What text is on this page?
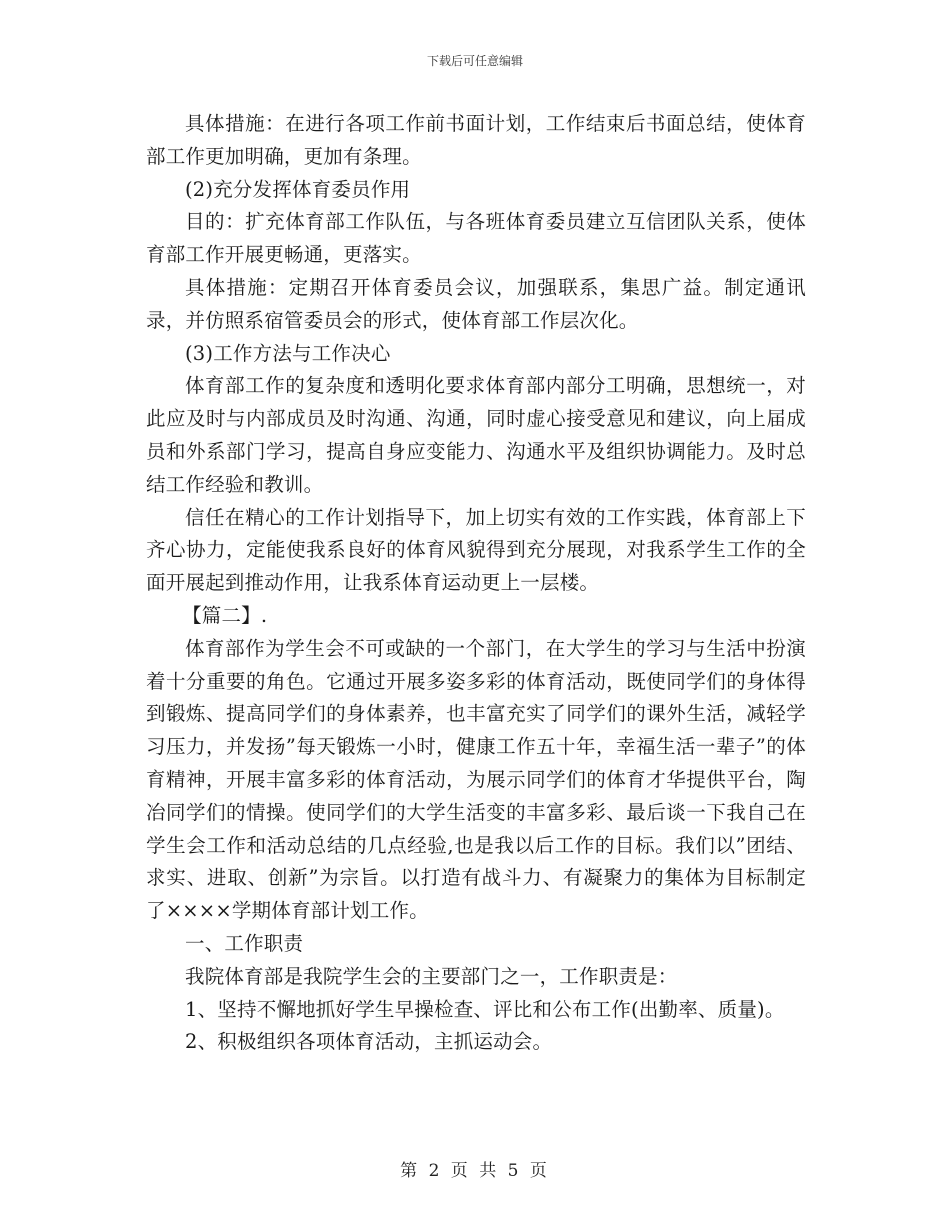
下载后可任意编辑

具体措施：在进行各项工作前书面计划，工作结束后书面总结，使体育部工作更加明确，更加有条理。

(2)充分发挥体育委员作用

目的：扩充体育部工作队伍，与各班体育委员建立互信团队关系，使体育部工作开展更畅通，更落实。

具体措施：定期召开体育委员会议，加强联系，集思广益。制定通讯录，并仿照系宿管委员会的形式，使体育部工作层次化。

(3)工作方法与工作决心

体育部工作的复杂度和透明化要求体育部内部分工明确，思想统一，对此应及时与内部成员及时沟通、沟通，同时虚心接受意见和建议，向上届成员和外系部门学习，提高自身应变能力、沟通水平及组织协调能力。及时总结工作经验和教训。

信任在精心的工作计划指导下，加上切实有效的工作实践，体育部上下齐心协力，定能使我系良好的体育风貌得到充分展现，对我系学生工作的全面开展起到推动作用，让我系体育运动更上一层楼。

【篇二】.

体育部作为学生会不可或缺的一个部门，在大学生的学习与生活中扮演着十分重要的角色。它通过开展多姿多彩的体育活动，既使同学们的身体得到锻炼、提高同学们的身体素养，也丰富充实了同学们的课外生活，减轻学习压力，并发扬”每天锻炼一小时，健康工作五十年，幸福生活一辈子”的体育精神，开展丰富多彩的体育活动，为展示同学们的体育才华提供平台，陶冶同学们的情操。使同学们的大学生活变的丰富多彩、最后谈一下我自己在学生会工作和活动总结的几点经验,也是我以后工作的目标。我们以”团结、求实、进取、创新”为宗旨。以打造有战斗力、有凝聚力的集体为目标制定了××××学期体育部计划工作。

一、工作职责

我院体育部是我院学生会的主要部门之一，工作职责是：

1、坚持不懈地抓好学生早操检查、评比和公布工作(出勤率、质量)。

2、积极组织各项体育活动，主抓运动会。

第 2 页 共 5 页
